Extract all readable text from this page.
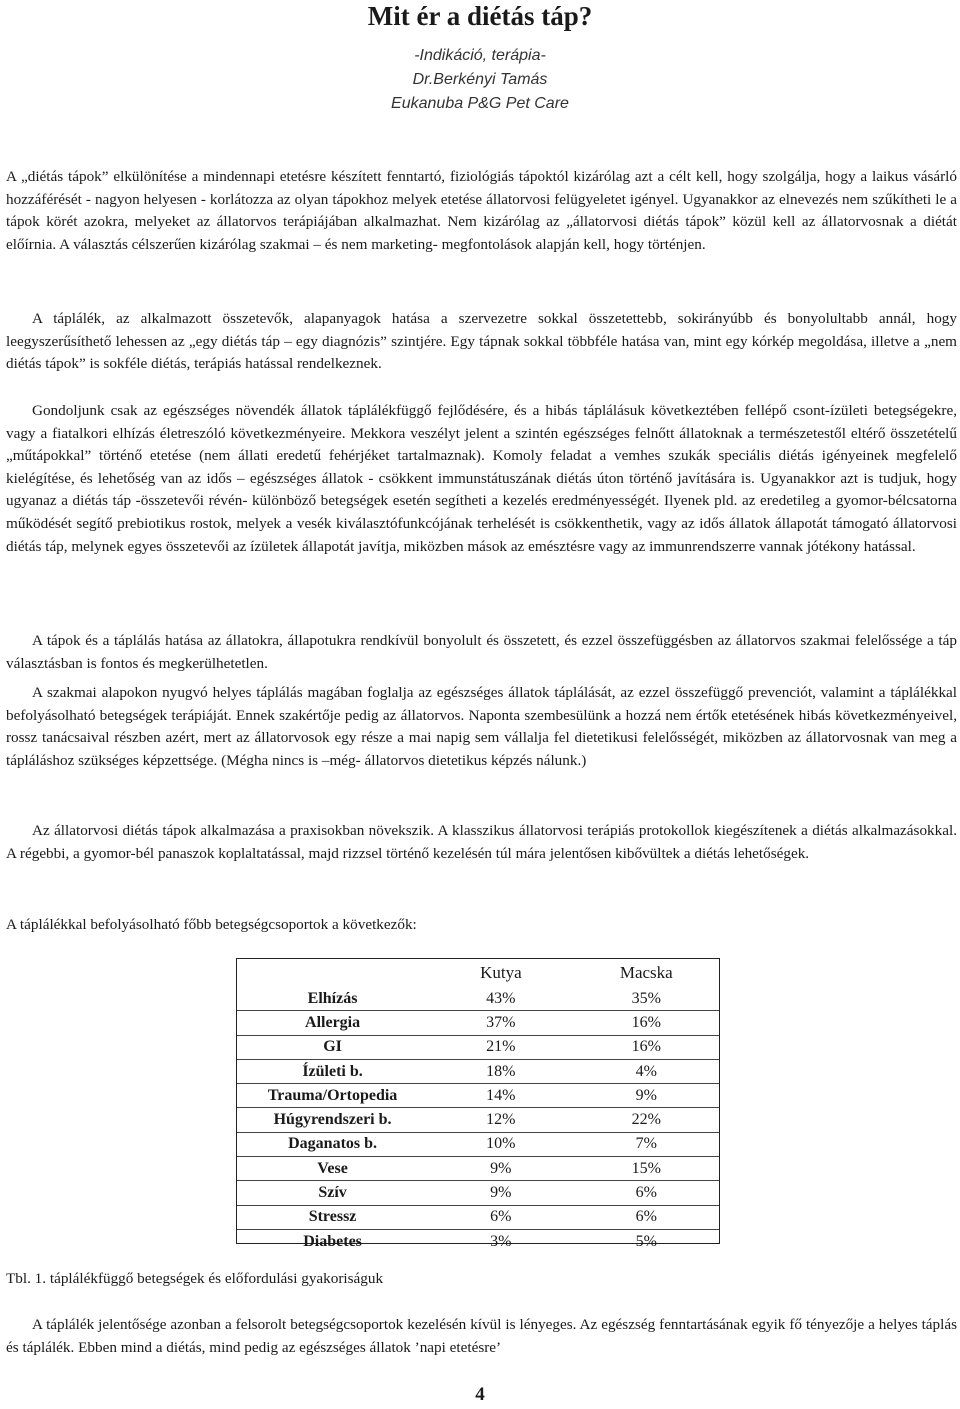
Mit ér a diétás táp?
-Indikáció, terápia-
Dr.Berkényi Tamás
Eukanuba P&G Pet Care

A „diétás tápok” elkülönítése a mindennapi etetésre készített fenntartó, fiziológiás tápoktól kizárólag azt a célt kell, hogy szolgálja, hogy a laikus vásárló hozzáférését - nagyon helyesen - korlátozza az olyan tápokhoz melyek etetése állatorvosi felügyeletet igényel. Ugyanakkor az elnevezés nem szűkítheti le a tápok körét azokra, melyeket az állatorvos terápiájában alkalmazhat. Nem kizárólag az „állatorvosi diétás tápok” közül kell az állatorvosnak a diétát előírnia. A választás célszerűen kizárólag szakmai – és nem marketing- megfontolások alapján kell, hogy történjen.

A táplálék, az alkalmazott összetevők, alapanyagok hatása a szervezetre sokkal összetettebb, sokirányúbb és bonyolultabb annál, hogy leegyszerűsíthető lehessen az „egy diétás táp – egy diagnózis” szintjére. Egy tápnak sokkal többféle hatása van, mint egy kórkép megoldása, illetve a „nem diétás tápok” is sokféle diétás, terápiás hatással rendelkeznek.

Gondoljunk csak az egészséges növendék állatok táplálékfüggő fejlődésére, és a hibás táplálásuk következtében fellépő csont-ízületi betegségekre, vagy a fiatalkori elhízás életreszóló következményeire. Mekkora veszélyt jelent a szintén egészséges felnőtt állatoknak a természetestől eltérő összetételű „műtápokkal” történő etetése (nem állati eredetű fehérjéket tartalmaznak). Komoly feladat a vemhes szukák speciális diétás igényeinek megfelelő kielégítése, és lehetőség van az idős – egészséges állatok - csökkent immunstátuszának diétás úton történő javítására is. Ugyanakkor azt is tudjuk, hogy ugyanaz a diétás táp -összetevői révén- különböző betegségek esetén segítheti a kezelés eredményességét. Ilyenek pld. az eredetileg a gyomor-bélcsatorna működését segítő prebiotikus rostok, melyek a vesék kiválasztófunkcójának terhelését is csökkenthetik, vagy az idős állatok állapotát támogató állatorvosi diétás táp, melynek egyes összetevői az ízületek állapotát javítja, miközben mások az emésztésre vagy az immunrendszerre vannak jótékony hatással.

A tápok és a táplálás hatása az állatokra, állapotukra rendkívül bonyolult és összetett, és ezzel összefüggésben az állatorvos szakmai felelőssége a táp választásban is fontos és megkerülhetetlen.

A szakmai alapokon nyugvó helyes táplálás magában foglalja az egészséges állatok táplálását, az ezzel összefüggő prevenciót, valamint a táplálékkal befolyásolható betegségek terápiáját. Ennek szakértője pedig az állatorvos. Naponta szembesülünk a hozzá nem értők etetésének hibás következményeivel, rossz tanácsaival részben azért, mert az állatorvosok egy része a mai napig sem vállalja fel dietetikusi felelősségét, miközben az állatorvosnak van meg a tápláláshoz szükséges képzettsége. (Mégha nincs is –még- állatorvos dietetikus képzés nálunk.)

Az állatorvosi diétás tápok alkalmazása a praxisokban növekszik. A klasszikus állatorvosi terápiás protokollok kiegészítenek a diétás alkalmazásokkal. A régebbi, a gyomor-bél panaszok koplaltatással, majd rizzsel történő kezelésén túl mára jelentősen kibővültek a diétás lehetőségek.

A táplálékkal befolyásolható főbb betegségcsoportok a következők:

	Kutya	Macska
Elhízás	43%	35%
Allergia	37%	16%
GI	21%	16%
Ízületi b.	18%	4%
Trauma/Ortopedia	14%	9%
Húgyrendszeri b.	12%	22%
Daganatos b.	10%	7%
Vese	9%	15%
Szív	9%	6%
Stressz	6%	6%
Diabetes	3%	5%
Tbl. 1. táplálékfüggő betegségek és előfordulási gyakoriságuk

A táplálék jelentősége azonban a felsorolt betegségcsoportok kezelésén kívül is lényeges. Az egészség fenntartásának egyik fő tényezője a helyes táplás és táplálék. Ebben mind a diétás, mind pedig az egészséges állatok ’napi etetésre’

4
